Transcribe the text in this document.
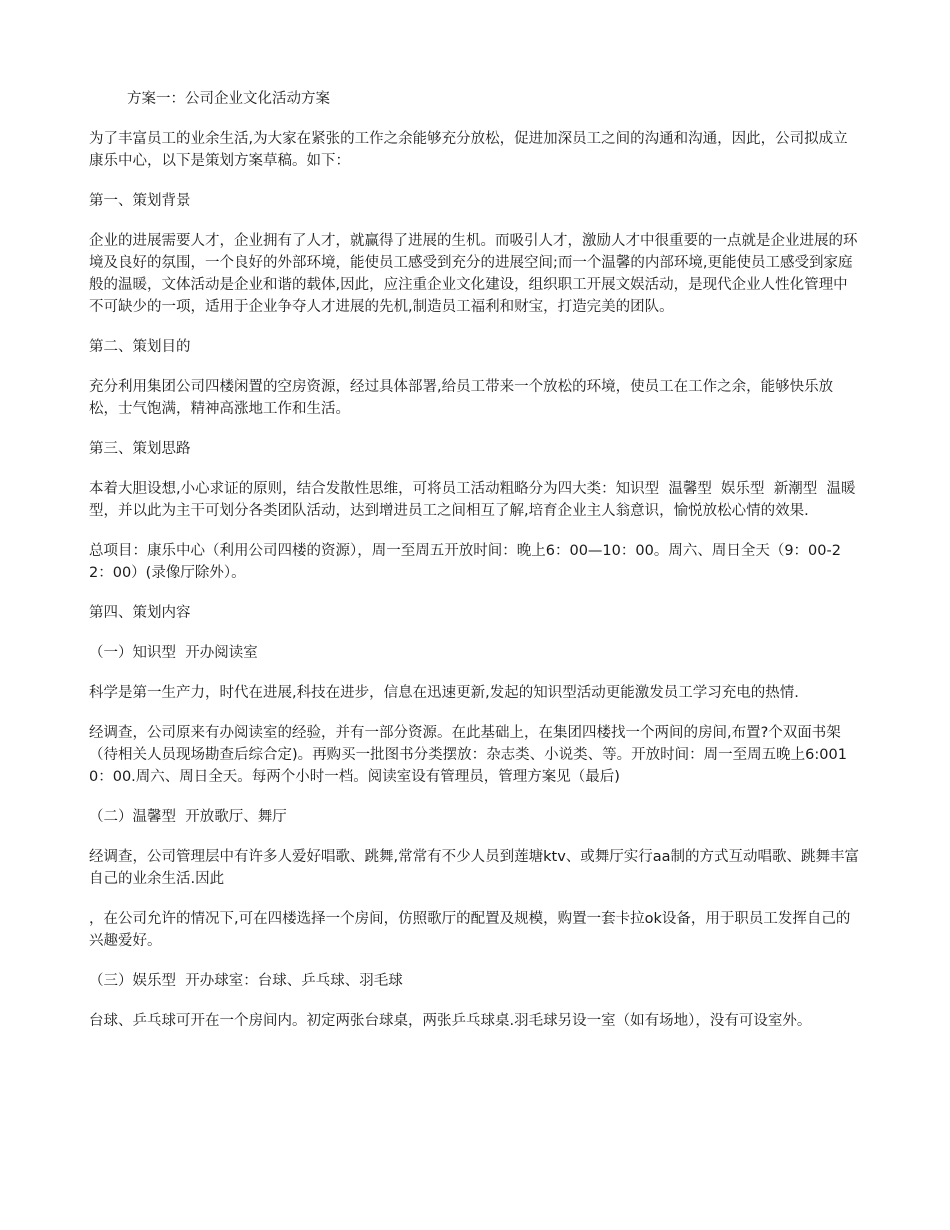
方案一：公司企业文化活动方案

为了丰富员工的业余生活,为大家在紧张的工作之余能够充分放松，促进加深员工之间的沟通和沟通，因此，公司拟成立康乐中心，以下是策划方案草稿。如下：

第一、策划背景

企业的进展需要人才，企业拥有了人才，就赢得了进展的生机。而吸引人才，激励人才中很重要的一点就是企业进展的环境及良好的氛围，一个良好的外部环境，能使员工感受到充分的进展空间;而一个温馨的内部环境,更能使员工感受到家庭般的温暖，文体活动是企业和谐的载体,因此，应注重企业文化建设，组织职工开展文娱活动，是现代企业人性化管理中不可缺少的一项，适用于企业争夺人才进展的先机,制造员工福利和财宝，打造完美的团队。

第二、策划目的

充分利用集团公司四楼闲置的空房资源，经过具体部署,给员工带来一个放松的环境，使员工在工作之余，能够快乐放松，士气饱满，精神高涨地工作和生活。

第三、策划思路

本着大胆设想,小心求证的原则，结合发散性思维，可将员工活动粗略分为四大类：知识型  温馨型  娱乐型  新潮型  温暖型，并以此为主干可划分各类团队活动，达到增进员工之间相互了解,培育企业主人翁意识，愉悦放松心情的效果.

总项目：康乐中心（利用公司四楼的资源），周一至周五开放时间：晚上6：00—10：00。周六、周日全天（9：00-22：00）(录像厅除外）。

第四、策划内容

（一）知识型  开办阅读室

科学是第一生产力，时代在进展,科技在进步，信息在迅速更新,发起的知识型活动更能激发员工学习充电的热情.

经调查，公司原来有办阅读室的经验，并有一部分资源。在此基础上，在集团四楼找一个两间的房间,布置?个双面书架（待相关人员现场勘查后综合定)。再购买一批图书分类摆放：杂志类、小说类、等。开放时间：周一至周五晚上6:0010：00.周六、周日全天。每两个小时一档。阅读室设有管理员，管理方案见（最后)

（二）温馨型  开放歌厅、舞厅

经调查，公司管理层中有许多人爱好唱歌、跳舞,常常有不少人员到莲塘ktv、或舞厅实行aa制的方式互动唱歌、跳舞丰富自己的业余生活.因此

，在公司允许的情况下,可在四楼选择一个房间，仿照歌厅的配置及规模，购置一套卡拉ok设备，用于职员工发挥自己的兴趣爱好。

（三）娱乐型  开办球室：台球、乒乓球、羽毛球

台球、乒乓球可开在一个房间内。初定两张台球桌，两张乒乓球桌.羽毛球另设一室（如有场地），没有可设室外。
